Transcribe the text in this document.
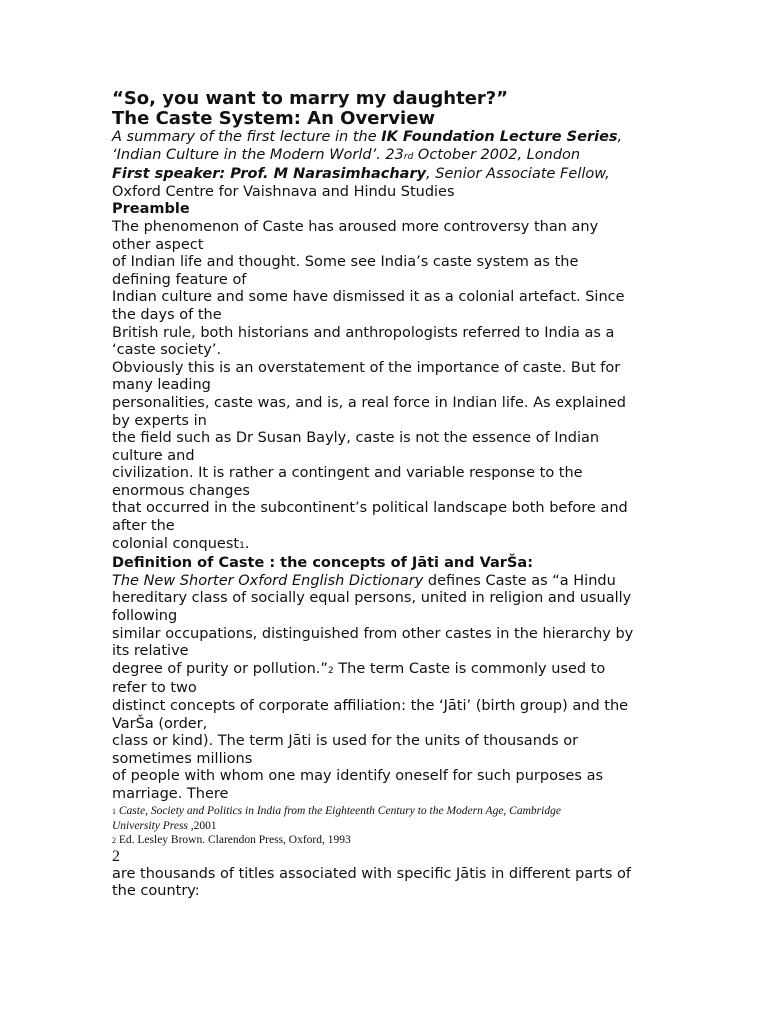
“So, you want to marry my daughter?”

The Caste System: An Overview

A summary of the first lecture in the IK Foundation Lecture Series,

‘Indian Culture in the Modern World’. 23rd October 2002, London

First speaker: Prof. M Narasimhachary, Senior Associate Fellow,

Oxford Centre for Vaishnava and Hindu Studies

Preamble

The phenomenon of Caste has aroused more controversy than any

other aspect

of Indian life and thought. Some see India’s caste system as the

defining feature of

Indian culture and some have dismissed it as a colonial artefact. Since

the days of the

British rule, both historians and anthropologists referred to India as a

‘caste society’.

Obviously this is an overstatement of the importance of caste. But for

many leading

personalities, caste was, and is, a real force in Indian life. As explained

by experts in

the field such as Dr Susan Bayly, caste is not the essence of Indian

culture and

civilization. It is rather a contingent and variable response to the

enormous changes

that occurred in the subcontinent’s political landscape both before and

after the

colonial conquest1.

Definition of Caste : the concepts of Jāti and VarŠa:

The New Shorter Oxford English Dictionary defines Caste as “a Hindu

hereditary class of socially equal persons, united in religion and usually

following

similar occupations, distinguished from other castes in the hierarchy by

its relative

degree of purity or pollution.”2 The term Caste is commonly used to

refer to two

distinct concepts of corporate affiliation: the ‘Jāti’ (birth group) and the

VarŠa (order,

class or kind). The term Jāti is used for the units of thousands or

sometimes millions

of people with whom one may identify oneself for such purposes as

marriage. There

1 Caste, Society and Politics in India from the Eighteenth Century to the Modern Age, Cambridge

University Press ,2001

2 Ed. Lesley Brown. Clarendon Press, Oxford, 1993

2

are thousands of titles associated with specific Jātis in different parts of

the country:
